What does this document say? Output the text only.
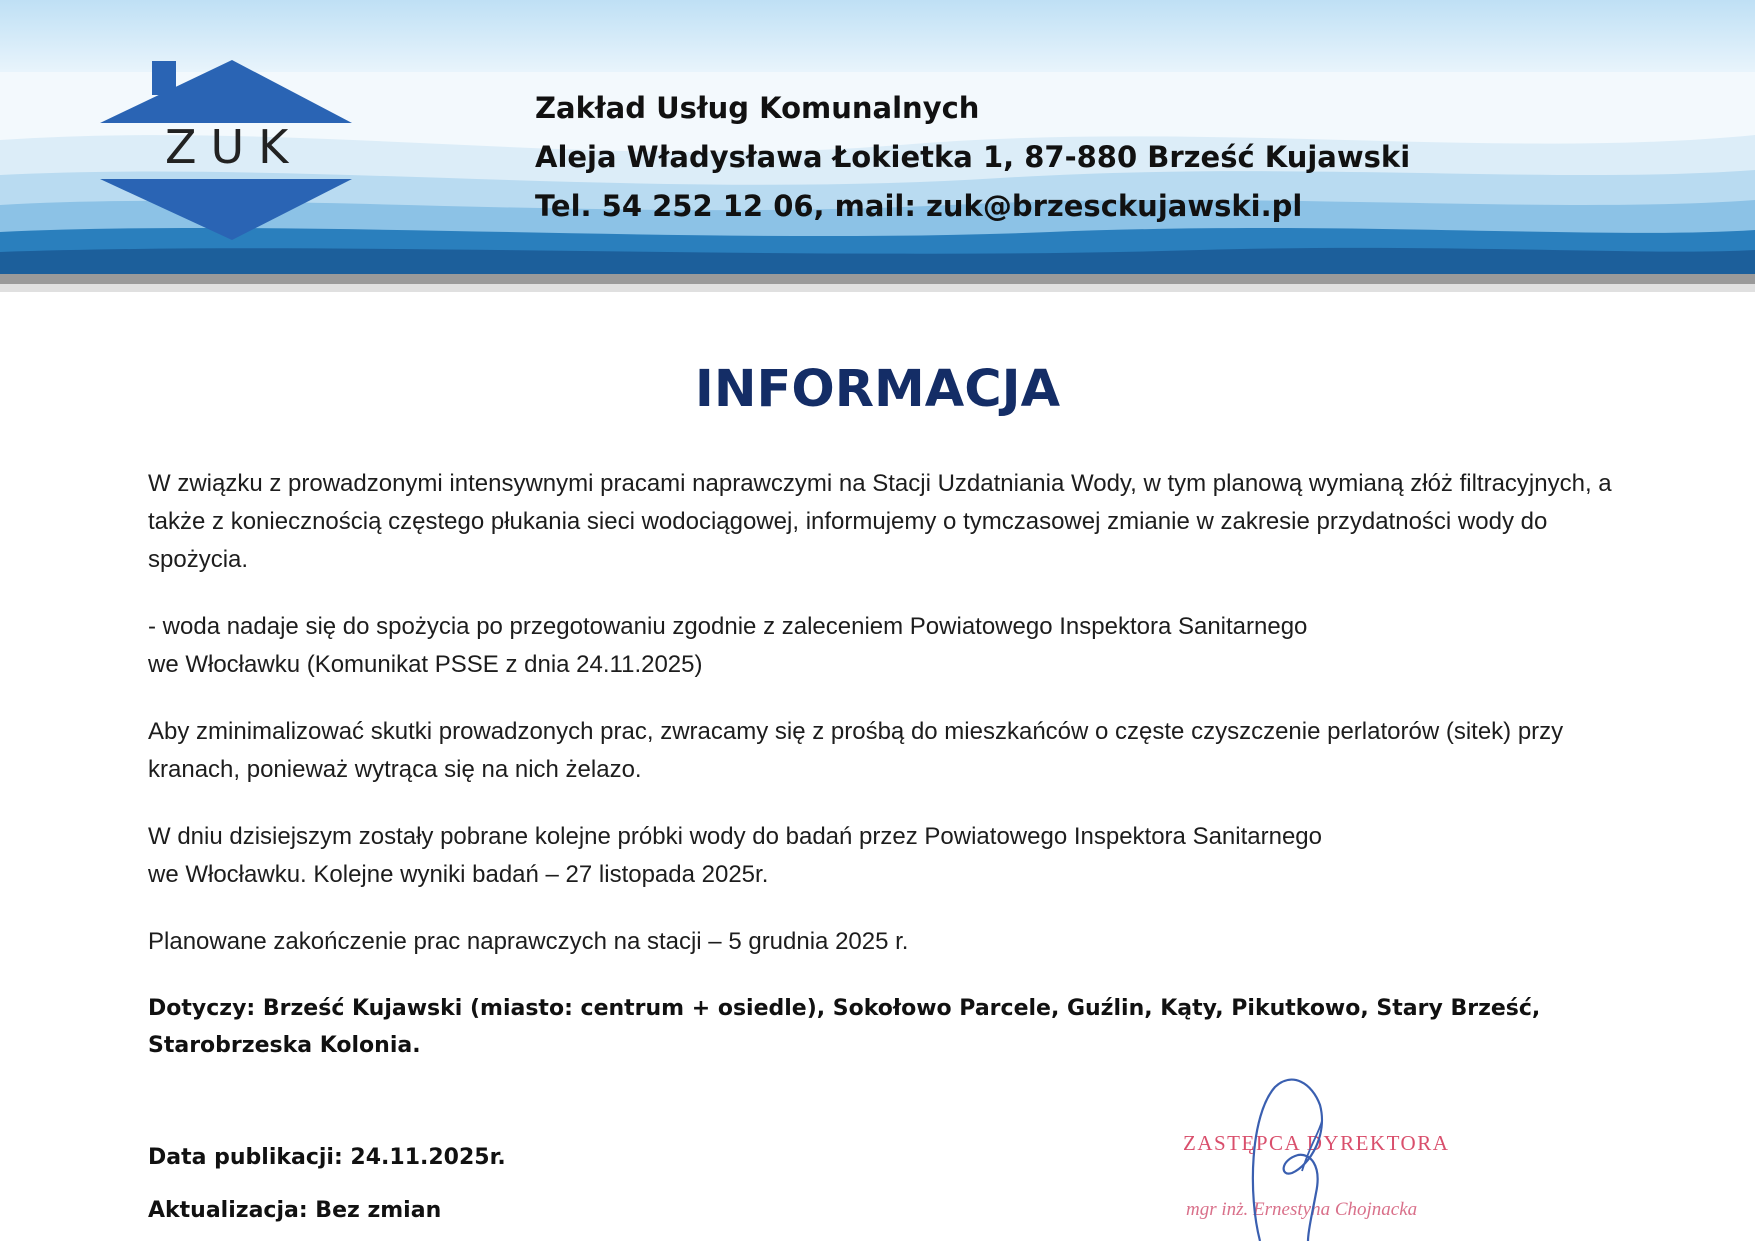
ZUK
Zakład Usług Komunalnych
Aleja Władysława Łokietka 1, 87-880 Brześć Kujawski
Tel. 54 252 12 06, mail: zuk@brzesckujawski.pl
INFORMACJA

W związku z prowadzonymi intensywnymi pracami naprawczymi na Stacji Uzdatniania Wody, w tym planową wymianą złóż filtracyjnych, a także z koniecznością częstego płukania sieci wodociągowej, informujemy o tymczasowej zmianie w zakresie przydatności wody do spożycia.

- woda nadaje się do spożycia po przegotowaniu zgodnie z zaleceniem Powiatowego Inspektora Sanitarnego
we Włocławku (Komunikat PSSE z dnia 24.11.2025)

Aby zminimalizować skutki prowadzonych prac, zwracamy się z prośbą do mieszkańców o częste czyszczenie perlatorów (sitek) przy kranach, ponieważ wytrąca się na nich żelazo.

W dniu dzisiejszym zostały pobrane kolejne próbki wody do badań przez Powiatowego Inspektora Sanitarnego
we Włocławku. Kolejne wyniki badań – 27 listopada 2025r.

Planowane zakończenie prac naprawczych na stacji – 5 grudnia 2025 r.

Dotyczy: Brześć Kujawski (miasto: centrum + osiedle), Sokołowo Parcele, Guźlin, Kąty, Pikutkowo, Stary Brześć, Starobrzeska Kolonia.

Data publikacji: 24.11.2025r.
Aktualizacja: Bez zmian
ZASTĘPCA DYREKTORA
mgr inż. Ernestyna Chojnacka
